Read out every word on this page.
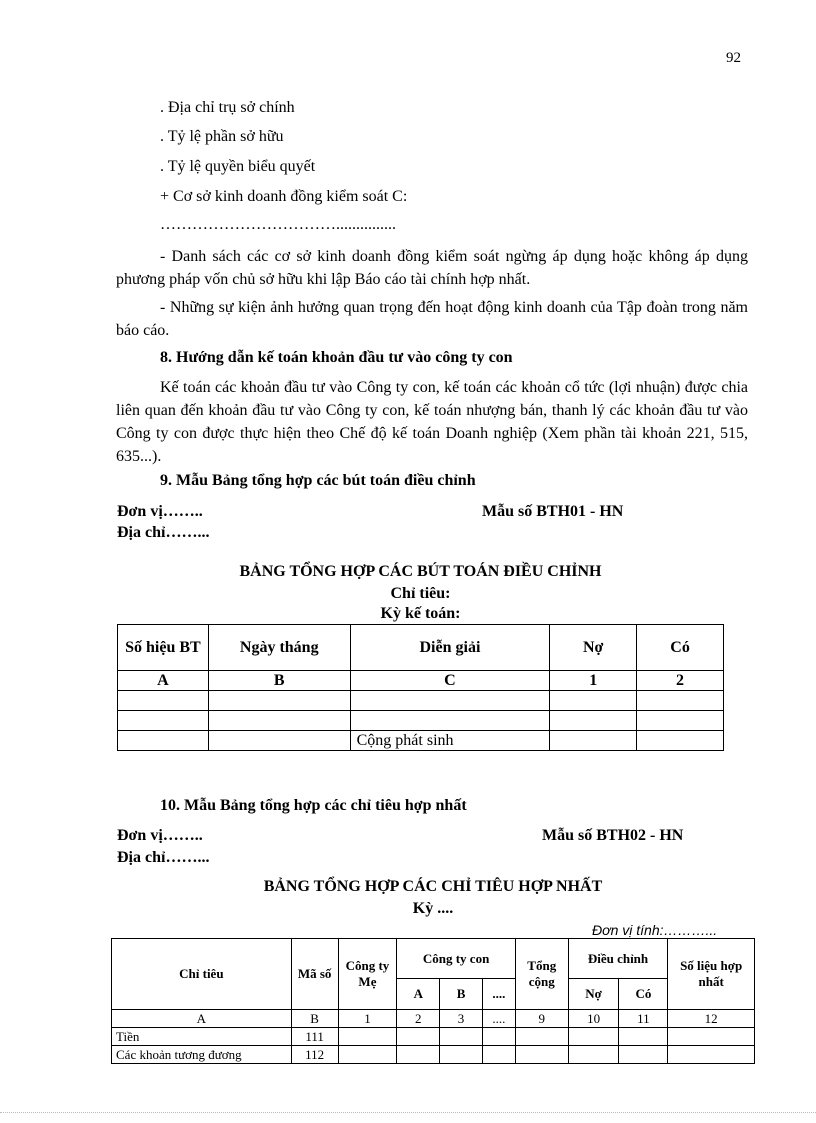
92
. Địa chỉ trụ sở chính
. Tỷ lệ phần sở hữu
. Tỷ lệ quyền biểu quyết
+ Cơ sở kinh doanh đồng kiểm soát C:
……………………………...............
- Danh sách các cơ sở kinh doanh đồng kiểm soát ngừng áp dụng hoặc không áp dụng phương pháp vốn chủ sở hữu khi lập Báo cáo tài chính hợp nhất.
- Những sự kiện ảnh hưởng quan trọng đến hoạt động kinh doanh của Tập đoàn trong năm báo cáo.
8. Hướng dẫn kế toán khoản đầu tư vào công ty con
Kế toán các khoản đầu tư vào Công ty con, kế toán các khoản cổ tức (lợi nhuận) được chia liên quan đến khoản đầu tư vào Công ty con, kế toán nhượng bán, thanh lý các khoản đầu tư vào Công ty con được thực hiện theo Chế độ kế toán Doanh nghiệp (Xem phần tài khoản 221, 515, 635...).
9. Mẫu Bảng tổng hợp các bút toán điều chỉnh
Đơn vị……..	Mẫu số BTH01 - HN
Địa chỉ……...
BẢNG TỔNG HỢP CÁC BÚT TOÁN ĐIỀU CHỈNH
Chỉ tiêu:
Kỳ kế toán:
Số hiệu BT	Ngày tháng	Diễn giải	Nợ	Có
A	B	C	1	2

		Cộng phát sinh		
10. Mẫu Bảng tổng hợp các chỉ tiêu hợp nhất
Đơn vị……..	Mẫu số BTH02 - HN
Địa chỉ……...
BẢNG TỔNG HỢP CÁC CHỈ TIÊU HỢP NHẤT
Kỳ ....
Đơn vị tính:………...
Chỉ tiêu	Mã số	Công ty Mẹ	Công ty con			Tổng cộng	Điều chỉnh		Số liệu hợp nhất
			A	B	....		Nợ	Có	
A	B	1	2	3	....	9	10	11	12
Tiền	111								
Các khoản tương đương	112								
